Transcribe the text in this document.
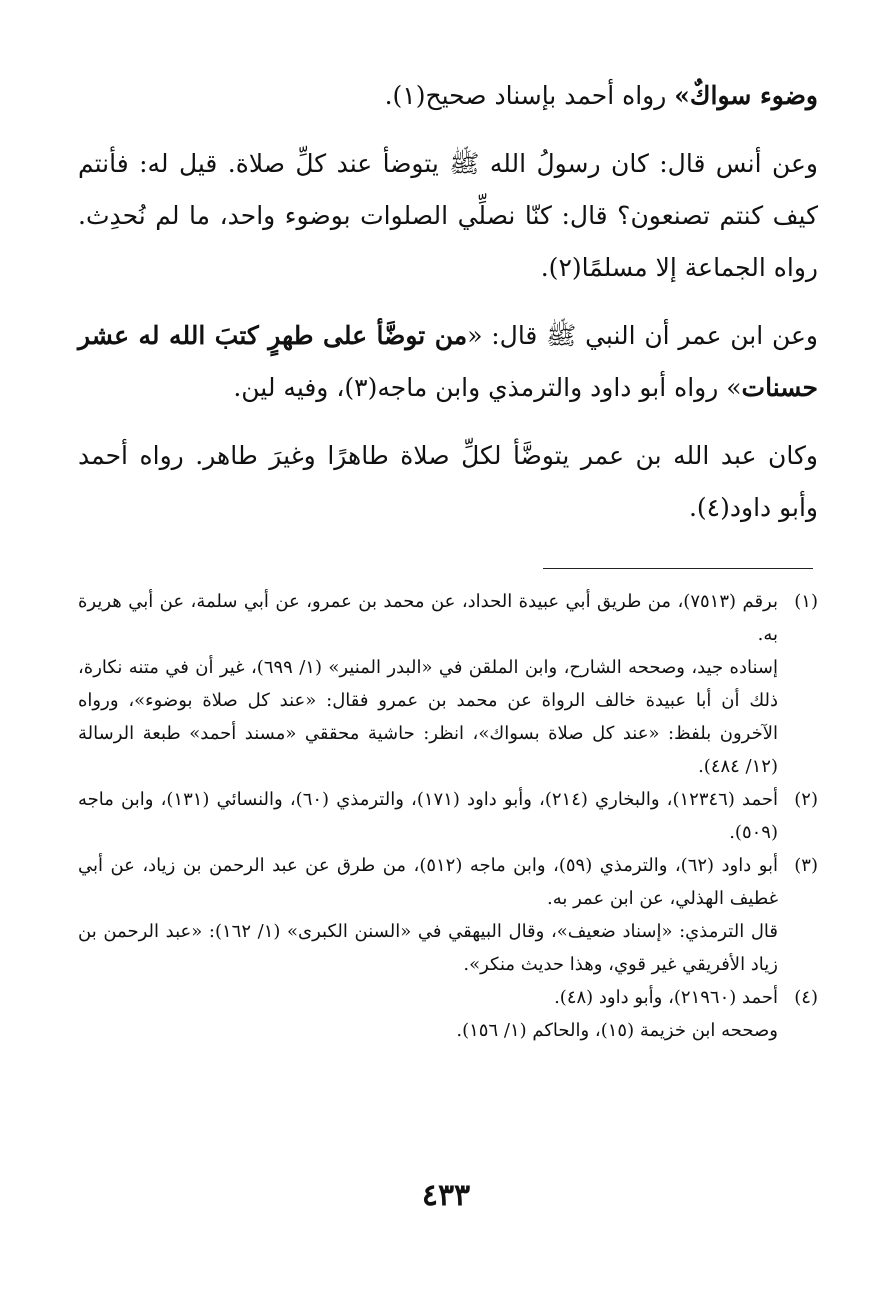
وضوء سواكٌ» رواه أحمد بإسناد صحيح(١).

وعن أنس قال: كان رسولُ الله ﷺ يتوضأ عند كلِّ صلاة. قيل له: فأنتم كيف كنتم تصنعون؟ قال: كنّا نصلِّي الصلوات بوضوء واحد، ما لم نُحدِث. رواه الجماعة إلا مسلمًا(٢).

وعن ابن عمر أن النبي ﷺ قال: «من توضَّأ على طهرٍ كتبَ الله له عشر حسنات» رواه أبو داود والترمذي وابن ماجه(٣)، وفيه لين.

وكان عبد الله بن عمر يتوضَّأ لكلِّ صلاة طاهرًا وغيرَ طاهر. رواه أحمد وأبو داود(٤).

(١)

برقم (٧٥١٣)، من طريق أبي عبيدة الحداد، عن محمد بن عمرو، عن أبي سلمة، عن أبي هريرة به.

إسناده جيد، وصححه الشارح، وابن الملقن في «البدر المنير» (١/ ٦٩٩)، غير أن في متنه نكارة، ذلك أن أبا عبيدة خالف الرواة عن محمد بن عمرو فقال: «عند كل صلاة بوضوء»، ورواه الآخرون بلفظ: «عند كل صلاة بسواك»، انظر: حاشية محققي «مسند أحمد» طبعة الرسالة (١٢/ ٤٨٤).

(٢)

أحمد (١٢٣٤٦)، والبخاري (٢١٤)، وأبو داود (١٧١)، والترمذي (٦٠)، والنسائي (١٣١)، وابن ماجه (٥٠٩).

(٣)

أبو داود (٦٢)، والترمذي (٥٩)، وابن ماجه (٥١٢)، من طرق عن عبد الرحمن بن زياد، عن أبي غطيف الهذلي، عن ابن عمر به.

قال الترمذي: «إسناد ضعيف»، وقال البيهقي في «السنن الكبرى» (١/ ١٦٢): «عبد الرحمن بن زياد الأفريقي غير قوي، وهذا حديث منكر».

(٤)

أحمد (٢١٩٦٠)، وأبو داود (٤٨).

وصححه ابن خزيمة (١٥)، والحاكم (١/ ١٥٦).

٤٣٣
